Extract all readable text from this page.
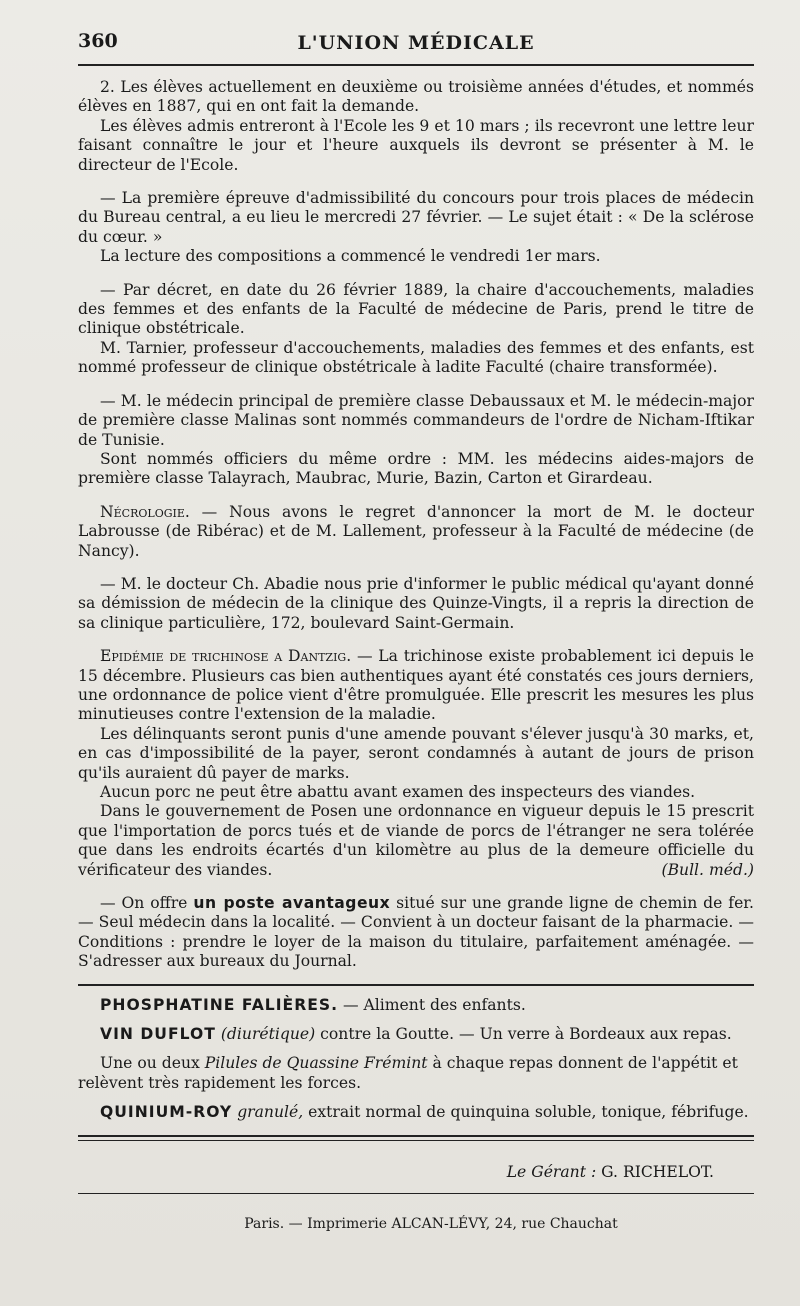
360	L'UNION MÉDICALE

2. Les élèves actuellement en deuxième ou troisième années d'études, et nommés élèves en 1887, qui en ont fait la demande.

Les élèves admis entreront à l'Ecole les 9 et 10 mars ; ils recevront une lettre leur faisant connaître le jour et l'heure auxquels ils devront se présenter à M. le directeur de l'Ecole.

— La première épreuve d'admissibilité du concours pour trois places de médecin du Bureau central, a eu lieu le mercredi 27 février. — Le sujet était : « De la sclérose du cœur. »

La lecture des compositions a commencé le vendredi 1er mars.

— Par décret, en date du 26 février 1889, la chaire d'accouchements, maladies des femmes et des enfants de la Faculté de médecine de Paris, prend le titre de clinique obstétricale.

M. Tarnier, professeur d'accouchements, maladies des femmes et des enfants, est nommé professeur de clinique obstétricale à ladite Faculté (chaire transformée).

— M. le médecin principal de première classe Debaussaux et M. le médecin-major de première classe Malinas sont nommés commandeurs de l'ordre de Nicham-Iftikar de Tunisie.

Sont nommés officiers du même ordre : MM. les médecins aides-majors de première classe Talayrach, Maubrac, Murie, Bazin, Carton et Girardeau.

Nécrologie. — Nous avons le regret d'annoncer la mort de M. le docteur Labrousse (de Ribérac) et de M. Lallement, professeur à la Faculté de médecine (de Nancy).

— M. le docteur Ch. Abadie nous prie d'informer le public médical qu'ayant donné sa démission de médecin de la clinique des Quinze-Vingts, il a repris la direction de sa clinique particulière, 172, boulevard Saint-Germain.

Epidémie de trichinose a Dantzig. — La trichinose existe probablement ici depuis le 15 décembre. Plusieurs cas bien authentiques ayant été constatés ces jours derniers, une ordonnance de police vient d'être promulguée. Elle prescrit les mesures les plus minutieuses contre l'extension de la maladie.

Les délinquants seront punis d'une amende pouvant s'élever jusqu'à 30 marks, et, en cas d'impossibilité de la payer, seront condamnés à autant de jours de prison qu'ils auraient dû payer de marks.

Aucun porc ne peut être abattu avant examen des inspecteurs des viandes.

Dans le gouvernement de Posen une ordonnance en vigueur depuis le 15 prescrit que l'importation de porcs tués et de viande de porcs de l'étranger ne sera tolérée que dans les endroits écartés d'un kilomètre au plus de la demeure officielle du vérificateur des viandes.	(Bull. méd.)

— On offre un poste avantageux situé sur une grande ligne de chemin de fer. — Seul médecin dans la localité. — Convient à un docteur faisant de la pharmacie. — Conditions : prendre le loyer de la maison du titulaire, parfaitement aménagée. — S'adresser aux bureaux du Journal.

PHOSPHATINE FALIÈRES. — Aliment des enfants.
VIN DUFLOT (diurétique) contre la Goutte. — Un verre à Bordeaux aux repas.
Une ou deux Pilules de Quassine Frémint à chaque repas donnent de l'appétit et relèvent très rapidement les forces.
QUINIUM-ROY granulé, extrait normal de quinquina soluble, tonique, fébrifuge.
Le Gérant : G. RICHELOT.
Paris. — Imprimerie ALCAN-LÉVY, 24, rue Chauchat
